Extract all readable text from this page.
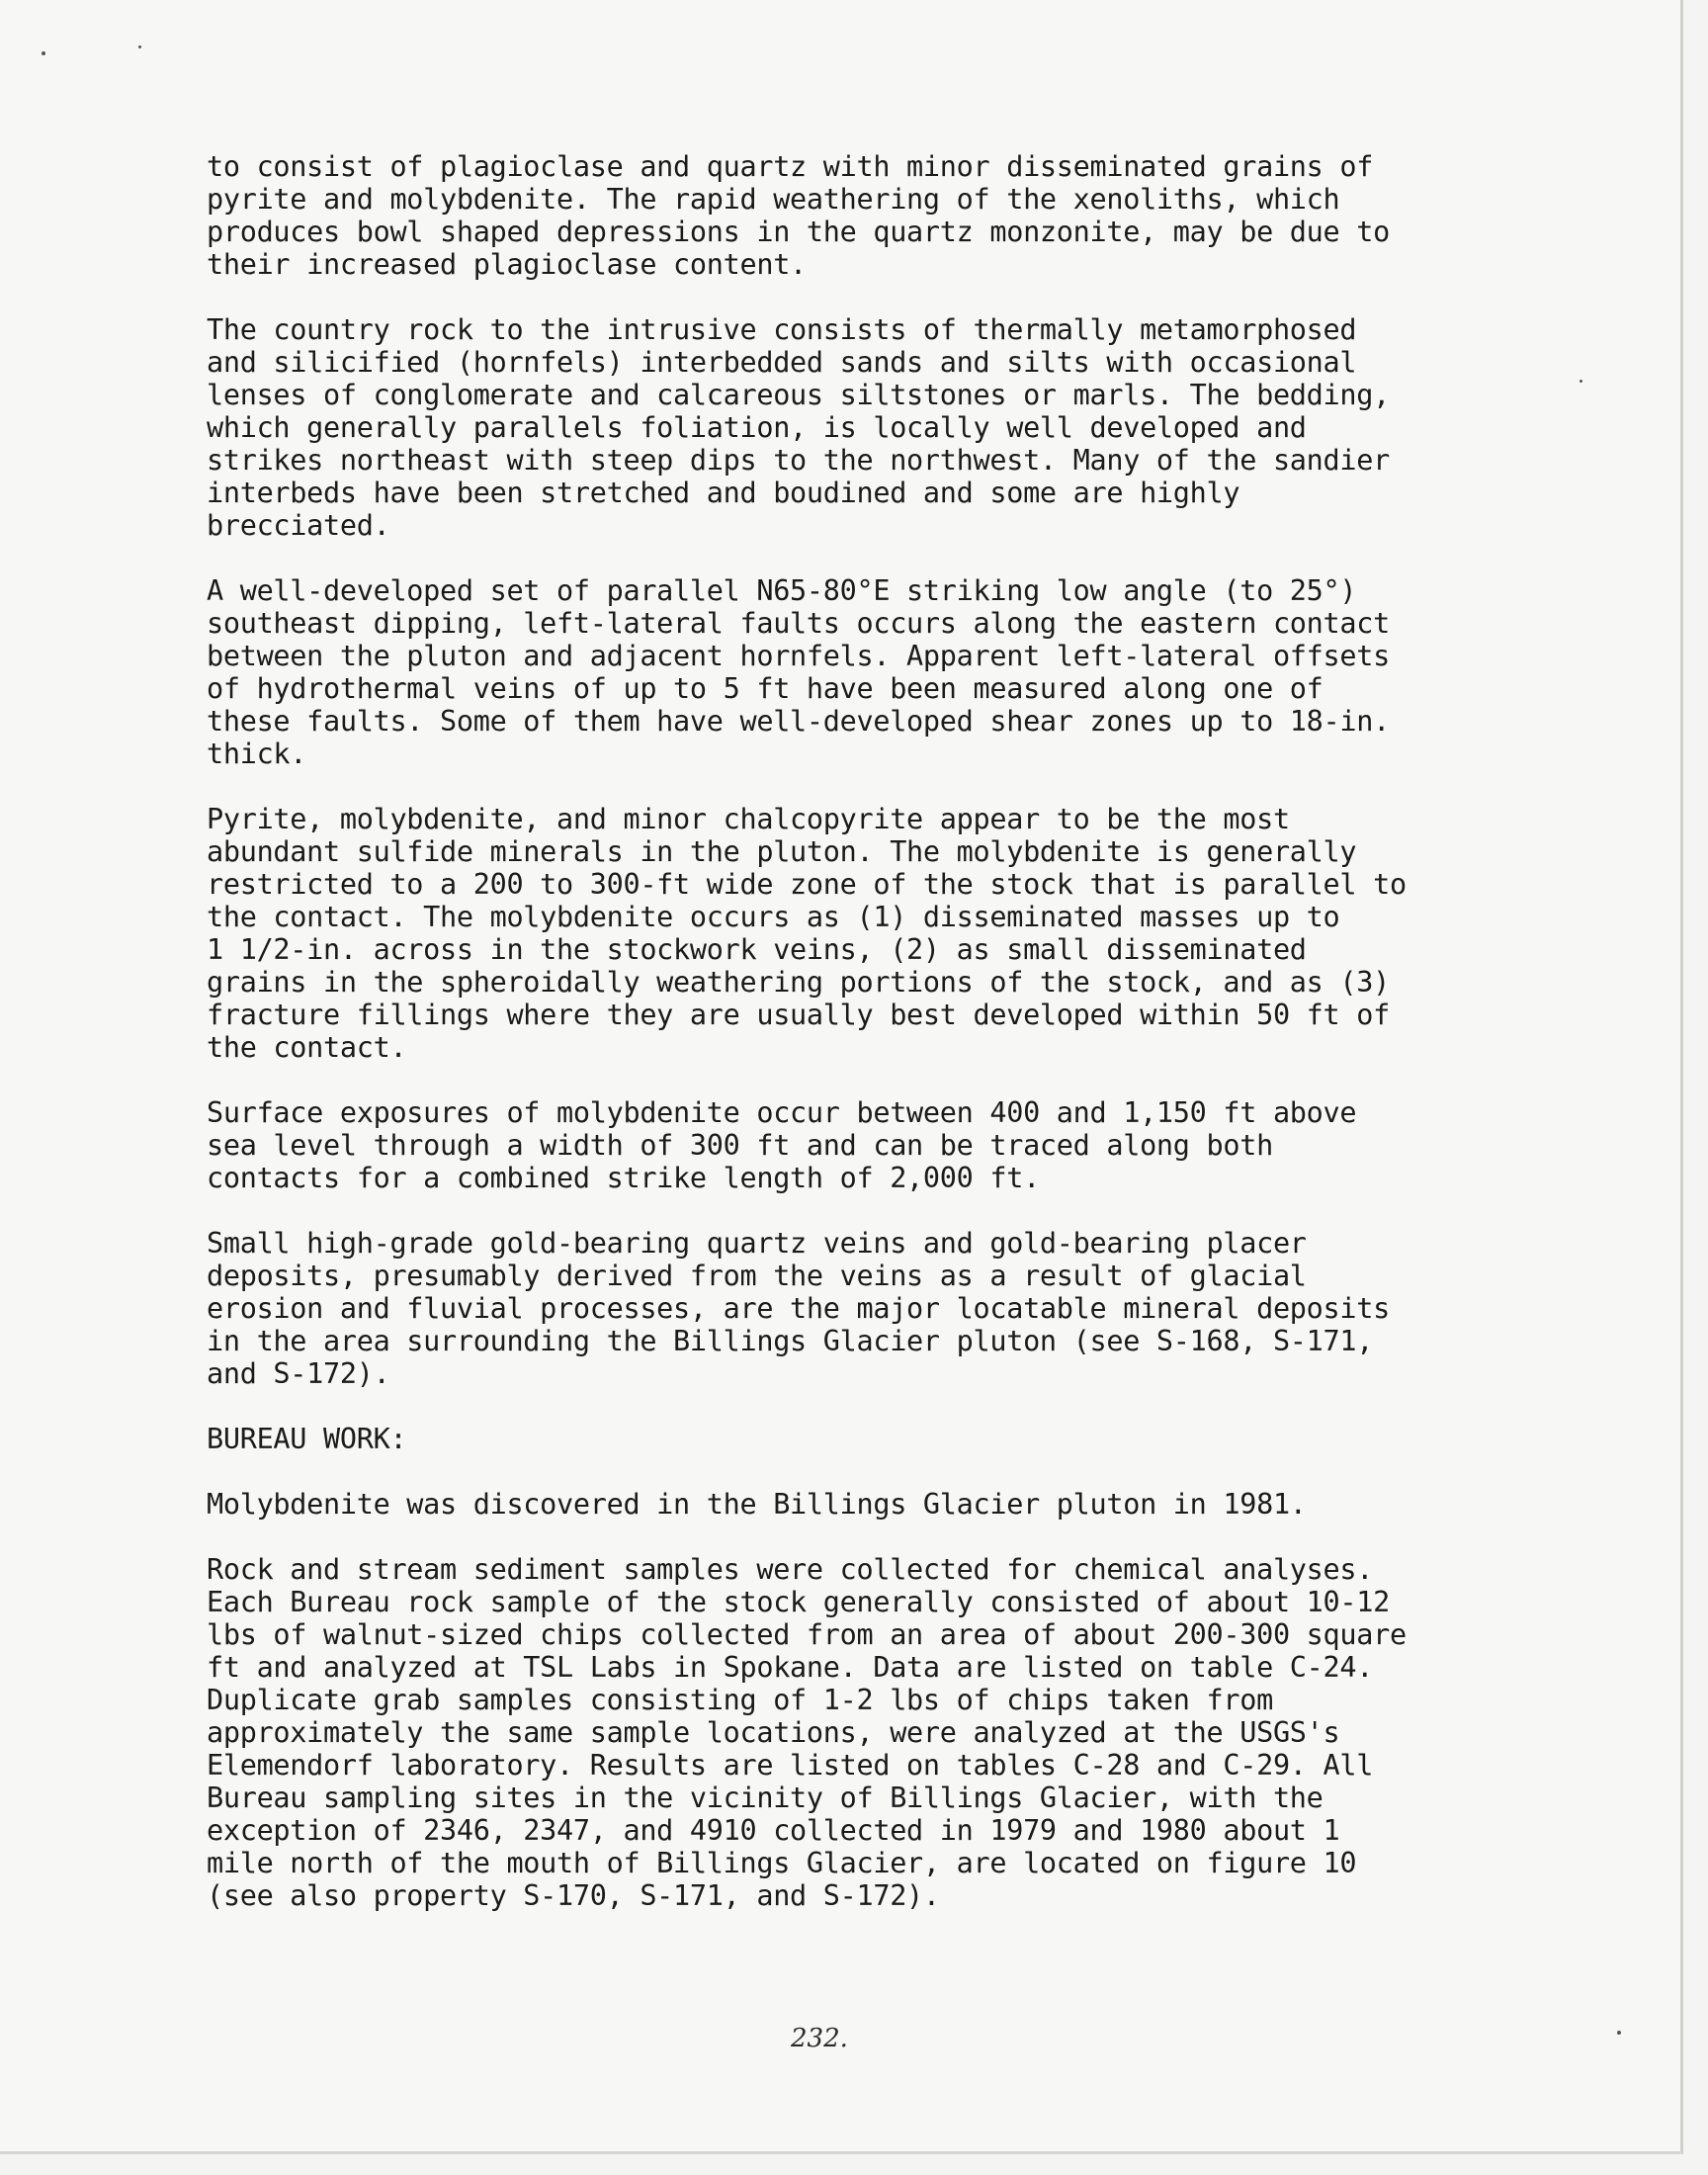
to consist of plagioclase and quartz with minor disseminated grains of
pyrite and molybdenite. The rapid weathering of the xenoliths, which
produces bowl shaped depressions in the quartz monzonite, may be due to
their increased plagioclase content.

The country rock to the intrusive consists of thermally metamorphosed
and silicified (hornfels) interbedded sands and silts with occasional
lenses of conglomerate and calcareous siltstones or marls. The bedding,
which generally parallels foliation, is locally well developed and
strikes northeast with steep dips to the northwest. Many of the sandier
interbeds have been stretched and boudined and some are highly
brecciated.

A well-developed set of parallel N65-80°E striking low angle (to 25°)
southeast dipping, left-lateral faults occurs along the eastern contact
between the pluton and adjacent hornfels. Apparent left-lateral offsets
of hydrothermal veins of up to 5 ft have been measured along one of
these faults. Some of them have well-developed shear zones up to 18-in.
thick.

Pyrite, molybdenite, and minor chalcopyrite appear to be the most
abundant sulfide minerals in the pluton. The molybdenite is generally
restricted to a 200 to 300-ft wide zone of the stock that is parallel to
the contact. The molybdenite occurs as (1) disseminated masses up to
1 1/2-in. across in the stockwork veins, (2) as small disseminated
grains in the spheroidally weathering portions of the stock, and as (3)
fracture fillings where they are usually best developed within 50 ft of
the contact.

Surface exposures of molybdenite occur between 400 and 1,150 ft above
sea level through a width of 300 ft and can be traced along both
contacts for a combined strike length of 2,000 ft.

Small high-grade gold-bearing quartz veins and gold-bearing placer
deposits, presumably derived from the veins as a result of glacial
erosion and fluvial processes, are the major locatable mineral deposits
in the area surrounding the Billings Glacier pluton (see S-168, S-171,
and S-172).

BUREAU WORK:

Molybdenite was discovered in the Billings Glacier pluton in 1981.

Rock and stream sediment samples were collected for chemical analyses.
Each Bureau rock sample of the stock generally consisted of about 10-12
lbs of walnut-sized chips collected from an area of about 200-300 square
ft and analyzed at TSL Labs in Spokane. Data are listed on table C-24.
Duplicate grab samples consisting of 1-2 lbs of chips taken from
approximately the same sample locations, were analyzed at the USGS's
Elemendorf laboratory. Results are listed on tables C-28 and C-29. All
Bureau sampling sites in the vicinity of Billings Glacier, with the
exception of 2346, 2347, and 4910 collected in 1979 and 1980 about 1
mile north of the mouth of Billings Glacier, are located on figure 10
(see also property S-170, S-171, and S-172).

232.
